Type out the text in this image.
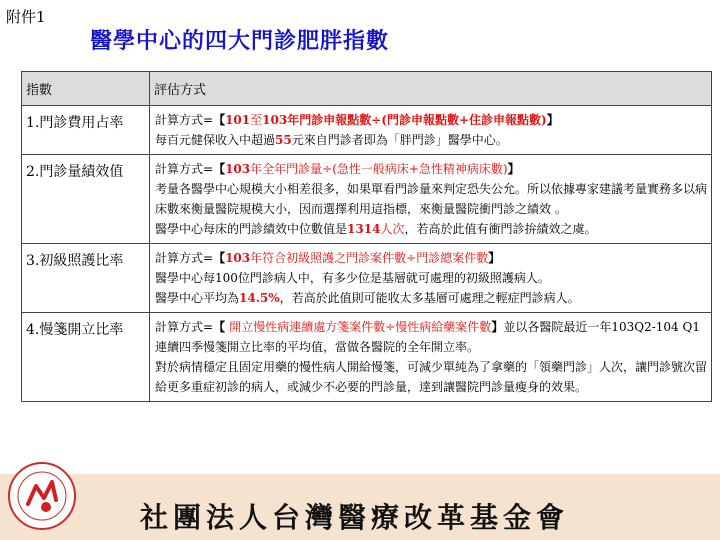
附件1
醫學中心的四大門診肥胖指數
指數	評估方式
1.門診費用占率	計算方式=【101至103年門診申報點數÷(門診申報點數+住診申報點數)】
每百元健保收入中超過55元來自門診者即為「胖門診」醫學中心。

2.門診量績效值	計算方式=【103年全年門診量÷(急性一般病床+急性精神病床數)】
考量各醫學中心規模大小相差很多，如果單看門診量來判定恐失公允。所以依據專家建議考量實務多以病床數來衡量醫院規模大小，因而選擇利用這指標，來衡量醫院衝門診之績效 。
醫學中心每床的門診績效中位數值是1314人次，若高於此值有衝門診拚績效之虞。

3.初級照護比率	計算方式=【103年符合初級照護之門診案件數÷門診總案件數】
醫學中心每100位門診病人中，有多少位是基層就可處理的初級照護病人。
醫學中心平均為14.5%，若高於此值則可能收太多基層可處理之輕症門診病人。

4.慢箋開立比率	計算方式=【 開立慢性病連續處方箋案件數÷慢性病給藥案件數】並以各醫院最近一年103Q2-104 Q1連續四季慢箋開立比率的平均值，當做各醫院的全年開立率。
對於病情穩定且固定用藥的慢性病人開給慢箋，可減少單純為了拿藥的「領藥門診」人次，讓門診號次留給更多重症初診的病人，或減少不必要的門診量，達到讓醫院門診量瘦身的效果。
社團法人台灣醫療改革基金會
